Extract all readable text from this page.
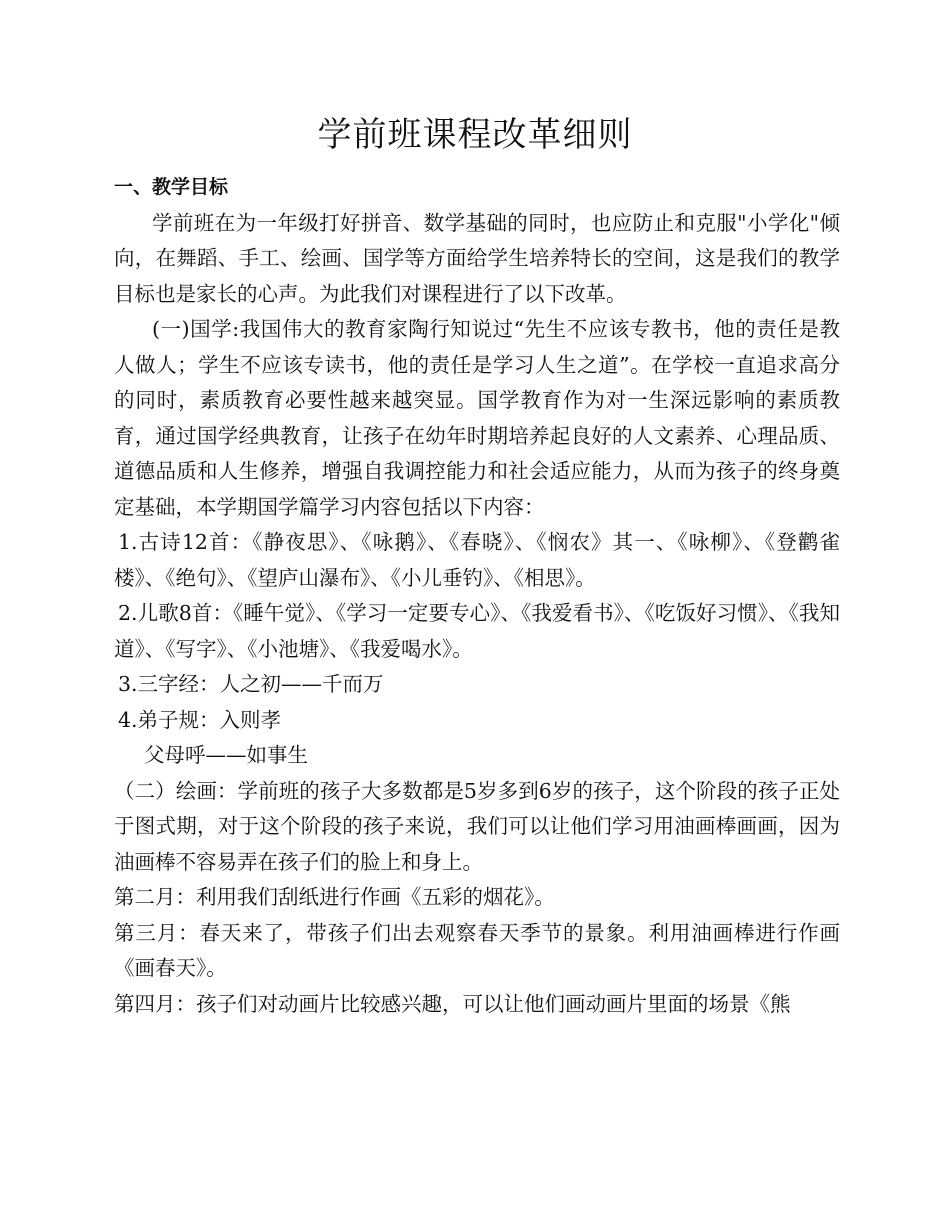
学前班课程改革细则
一、教学目标

学前班在为一年级打好拼音、数学基础的同时，也应防止和克服"小学化"倾向，在舞蹈、手工、绘画、国学等方面给学生培养特长的空间，这是我们的教学目标也是家长的心声。为此我们对课程进行了以下改革。

(一)国学:我国伟大的教育家陶行知说过“先生不应该专教书，他的责任是教人做人；学生不应该专读书，他的责任是学习人生之道”。在学校一直追求高分的同时，素质教育必要性越来越突显。国学教育作为对一生深远影响的素质教育，通过国学经典教育，让孩子在幼年时期培养起良好的人文素养、心理品质、道德品质和人生修养，增强自我调控能力和社会适应能力，从而为孩子的终身奠定基础，本学期国学篇学习内容包括以下内容：

1.古诗12首：《静夜思》、《咏鹅》、《春晓》、《悯农》其一、《咏柳》、《登鹳雀楼》、《绝句》、《望庐山瀑布》、《小儿垂钓》、《相思》。

2.儿歌8首：《睡午觉》、《学习一定要专心》、《我爱看书》、《吃饭好习惯》、《我知道》、《写字》、《小池塘》、《我爱喝水》。

3.三字经：人之初——千而万

4.弟子规：入则孝

父母呼——如事生

（二）绘画：学前班的孩子大多数都是5岁多到6岁的孩子，这个阶段的孩子正处于图式期，对于这个阶段的孩子来说，我们可以让他们学习用油画棒画画，因为油画棒不容易弄在孩子们的脸上和身上。

第二月：利用我们刮纸进行作画《五彩的烟花》。

第三月：春天来了，带孩子们出去观察春天季节的景象。利用油画棒进行作画《画春天》。

第四月：孩子们对动画片比较感兴趣，可以让他们画动画片里面的场景《熊
